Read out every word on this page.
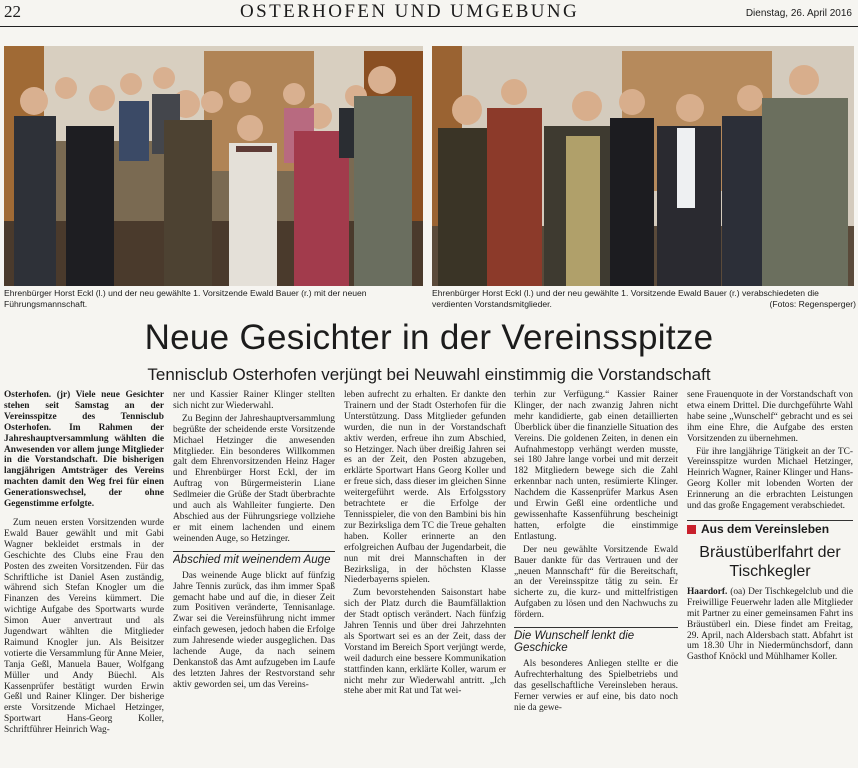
22	OSTERHOFEN UND UMGEBUNG	Dienstag, 26. April 2016
Ehrenbürger Horst Eckl (l.) und der neu gewählte 1. Vorsitzende Ewald Bauer (r.) mit der neuen Führungsmannschaft.
Ehrenbürger Horst Eckl (l.) und der neu gewählte 1. Vorsitzende Ewald Bauer (r.) verabschiedeten die verdienten Vorstandsmitglieder.	(Fotos: Regensperger)
Neue Gesichter in der Vereinsspitze
Tennisclub Osterhofen verjüngt bei Neuwahl einstimmig die Vorstandschaft

Osterhofen. (jr) Viele neue Gesichter stehen seit Samstag an der Vereinsspitze des Tennisclub Osterhofen. Im Rahmen der Jahreshauptversammlung wählten die Anwesenden vor allem junge Mitglieder in die Vorstandschaft. Die bisherigen langjährigen Amtsträger des Vereins machten damit den Weg frei für einen Generationswechsel, der ohne Gegenstimme erfolgte.

Zum neuen ersten Vorsitzenden wurde Ewald Bauer gewählt und mit Gabi Wagner bekleidet erstmals in der Geschichte des Clubs eine Frau den Posten des zweiten Vorsitzenden. Für das Schriftliche ist Daniel Asen zuständig, während sich Stefan Knogler um die Finanzen des Vereins kümmert. Die wichtige Aufgabe des Sportwarts wurde Simon Auer anvertraut und als Jugendwart wählten die Mitglieder Raimund Knogler jun. Als Beisitzer votierte die Versammlung für Anne Meier, Tanja Geßl, Manuela Bauer, Wolfgang Müller und Andy Büechl. Als Kassenprüfer bestätigt wurden Erwin Geßl und Rainer Klinger. Der bisherige erste Vorsitzende Michael Hetzinger, Sportwart Hans-Georg Koller, Schriftführer Heinrich Wag-

ner und Kassier Rainer Klinger stellten sich nicht zur Wiederwahl.

Zu Beginn der Jahreshauptversammlung begrüßte der scheidende erste Vorsitzende Michael Hetzinger die anwesenden Mitglieder. Ein besonderes Willkommen galt dem Ehrenvorsitzenden Heinz Hager und Ehrenbürger Horst Eckl, der im Auftrag von Bürgermeisterin Liane Sedlmeier die Grüße der Stadt überbrachte und auch als Wahlleiter fungierte. Den Abschied aus der Führungsriege vollziehe er mit einem lachenden und einem weinenden Auge, so Hetzinger.

Abschied mit weinendem Auge

Das weinende Auge blickt auf fünfzig Jahre Tennis zurück, das ihm immer Spaß gemacht habe und auf die, in dieser Zeit zum Positiven veränderte, Tennisanlage. Zwar sei die Vereinsführung nicht immer einfach gewesen, jedoch haben die Erfolge zum Jahresende wieder ausgeglichen. Das lachende Auge, da nach seinem Denkanstoß das Amt aufzugeben im Laufe des letzten Jahres der Restvorstand sehr aktiv geworden sei, um das Vereins-

leben aufrecht zu erhalten. Er dankte den Trainern und der Stadt Osterhofen für die Unterstützung. Dass Mitglieder gefunden wurden, die nun in der Vorstandschaft aktiv werden, erfreue ihn zum Abschied, so Hetzinger. Nach über dreißig Jahren sei es an der Zeit, den Posten abzugeben, erklärte Sportwart Hans Georg Koller und er freue sich, dass dieser im gleichen Sinne weitergeführt werde. Als Erfolgsstory betrachtete er die Erfolge der Tennisspieler, die von den Bambini bis hin zur Bezirksliga dem TC die Treue gehalten haben. Koller erinnerte an den erfolgreichen Aufbau der Jugendarbeit, die nun mit drei Mannschaften in der Bezirksliga, in der höchsten Klasse Niederbayerns spielen.

Zum bevorstehenden Saisonstart habe sich der Platz durch die Baumfällaktion der Stadt optisch verändert. Nach fünfzig Jahren Tennis und über drei Jahrzehnten als Sportwart sei es an der Zeit, dass der Vorstand im Bereich Sport verjüngt werde, weil dadurch eine bessere Kommunikation stattfinden kann, erklärte Koller, warum er nicht mehr zur Wiederwahl antritt. „Ich stehe aber mit Rat und Tat wei-

terhin zur Verfügung.“ Kassier Rainer Klinger, der nach zwanzig Jahren nicht mehr kandidierte, gab einen detaillierten Überblick über die finanzielle Situation des Vereins. Die goldenen Zeiten, in denen ein Aufnahmestopp verhängt werden musste, sei 180 Jahre lange vorbei und mit derzeit 182 Mitgliedern bewege sich die Zahl erkennbar nach unten, resümierte Klinger. Nachdem die Kassenprüfer Markus Asen und Erwin Geßl eine ordentliche und gewissenhafte Kassenführung bescheinigt hatten, erfolgte die einstimmige Entlastung.

Der neu gewählte Vorsitzende Ewald Bauer dankte für das Vertrauen und der „neuen Mannschaft“ für die Bereitschaft, an der Vereinsspitze tätig zu sein. Er sicherte zu, die kurz- und mittelfristigen Aufgaben zu lösen und den Nachwuchs zu fördern.

Die Wunschelf lenkt die Geschicke

Als besonderes Anliegen stellte er die Aufrechterhaltung des Spielbetriebs und das gesellschaftliche Vereinsleben heraus. Ferner verwies er auf eine, bis dato noch nie da gewe-

sene Frauenquote in der Vorstandschaft von etwa einem Drittel. Die durchgeführte Wahl habe seine „Wunschelf“ gebracht und es sei ihm eine Ehre, die Aufgabe des ersten Vorsitzenden zu übernehmen.

Für ihre langjährige Tätigkeit an der TC-Vereinsspitze wurden Michael Hetzinger, Heinrich Wagner, Rainer Klinger und Hans-Georg Koller mit lobenden Worten der Erinnerung an die erbrachten Leistungen und das große Engagement verabschiedet.

Aus dem Vereinsleben
Bräustüberlfahrt der Tischkegler

Haardorf. (oa) Der Tischkegelclub und die Freiwillige Feuerwehr laden alle Mitglieder mit Partner zu einer gemeinsamen Fahrt ins Bräustüberl ein. Diese findet am Freitag, 29. April, nach Aldersbach statt. Abfahrt ist um 18.30 Uhr in Niedermünchsdorf, dann Gasthof Knöckl und Mühlhamer Koller.
